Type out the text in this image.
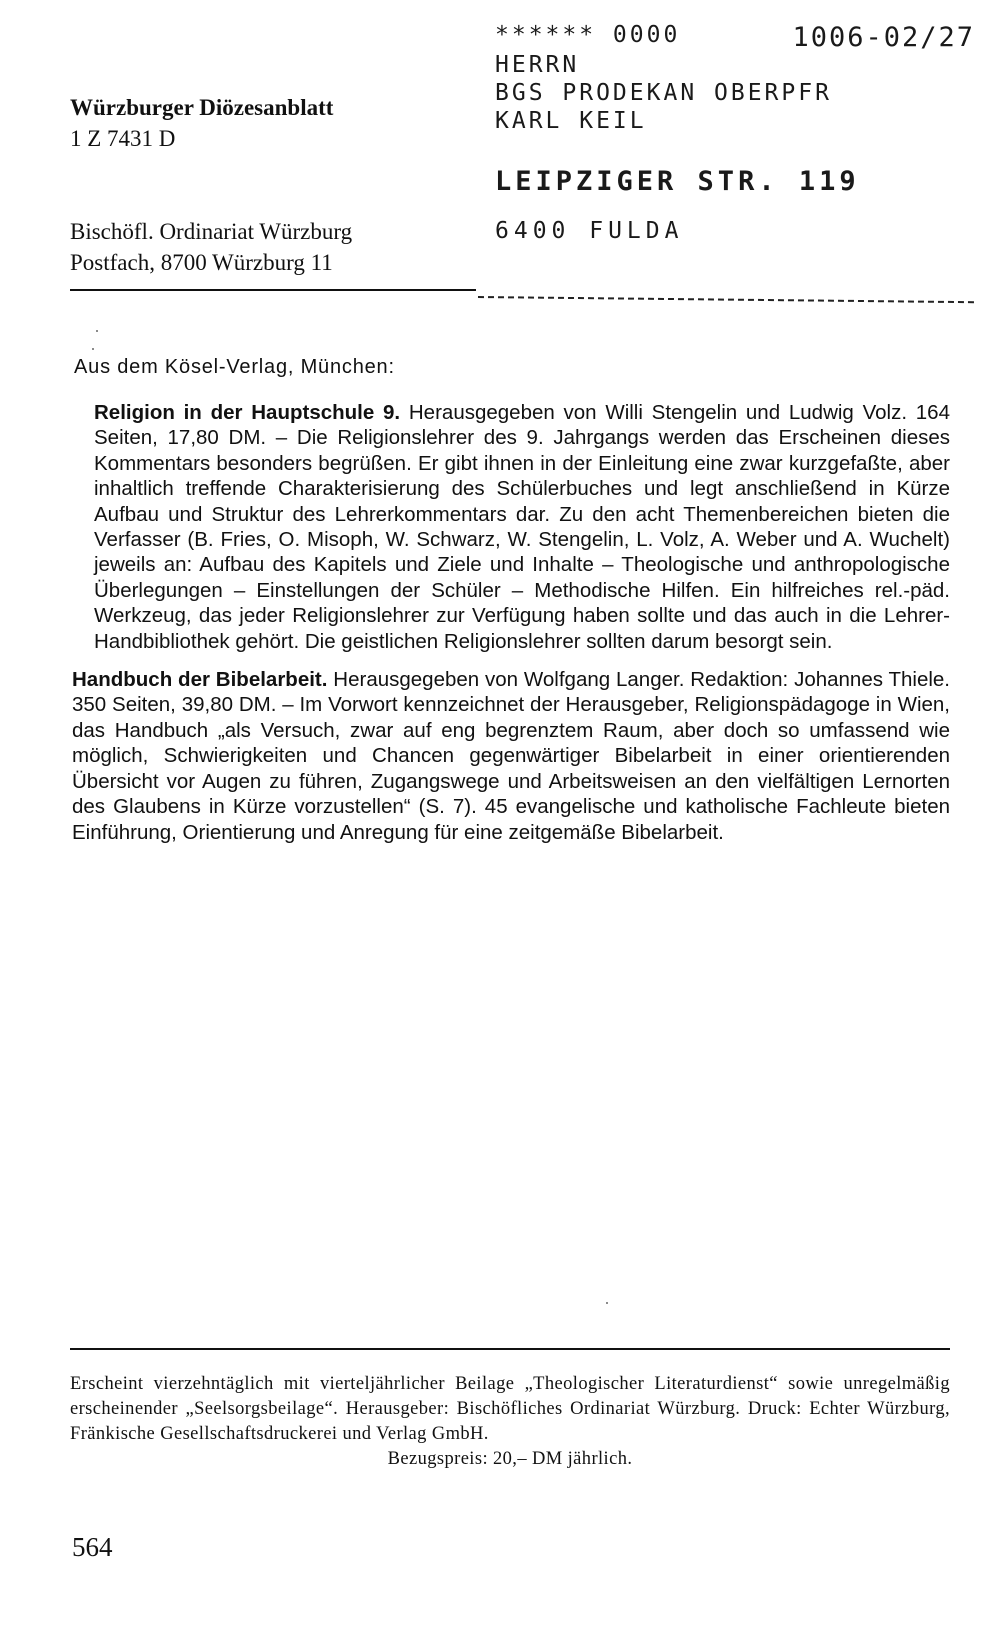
Würzburger Diözesanblatt
1 Z 7431 D
Bischöfl. Ordinariat Würzburg
Postfach, 8700 Würzburg 11
****** 0000	1006-02/27
HERRN
BGS PRODEKAN OBERPFR
KARL KEIL
LEIPZIGER STR. 119
6400 FULDA
Aus dem Kösel-Verlag, München:

Religion in der Hauptschule 9. Herausgegeben von Willi Stengelin und Ludwig Volz. 164 Seiten, 17,80 DM. – Die Religionslehrer des 9. Jahrgangs werden das Erscheinen dieses Kommentars besonders begrüßen. Er gibt ihnen in der Einleitung eine zwar kurzgefaßte, aber inhaltlich treffende Charakterisierung des Schülerbuches und legt anschließend in Kürze Aufbau und Struktur des Lehrerkommentars dar. Zu den acht Themenbereichen bieten die Verfasser (B. Fries, O. Misoph, W. Schwarz, W. Stengelin, L. Volz, A. Weber und A. Wuchelt) jeweils an: Aufbau des Kapitels und Ziele und Inhalte – Theologische und anthropologische Überlegungen – Einstellungen der Schüler – Methodische Hilfen. Ein hilfreiches rel.-päd. Werkzeug, das jeder Religionslehrer zur Verfügung haben sollte und das auch in die Lehrer-Handbibliothek gehört. Die geistlichen Religionslehrer sollten darum besorgt sein.

Handbuch der Bibelarbeit. Herausgegeben von Wolfgang Langer. Redaktion: Johannes Thiele. 350 Seiten, 39,80 DM. – Im Vorwort kennzeichnet der Herausgeber, Religionspädagoge in Wien, das Handbuch „als Versuch, zwar auf eng begrenztem Raum, aber doch so umfassend wie möglich, Schwierigkeiten und Chancen gegenwärtiger Bibelarbeit in einer orientierenden Übersicht vor Augen zu führen, Zugangswege und Arbeitsweisen an den vielfältigen Lernorten des Glaubens in Kürze vorzustellen“ (S. 7). 45 evangelische und katholische Fachleute bieten Einführung, Orientierung und Anregung für eine zeitgemäße Bibelarbeit.

Erscheint vierzehntäglich mit vierteljährlicher Beilage „Theologischer Literaturdienst“ sowie unregelmäßig erscheinender „Seelsorgsbeilage“. Herausgeber: Bischöfliches Ordinariat Würzburg. Druck: Echter Würzburg, Fränkische Gesellschaftsdruckerei und Verlag GmbH.
Bezugspreis: 20,– DM jährlich.
564
